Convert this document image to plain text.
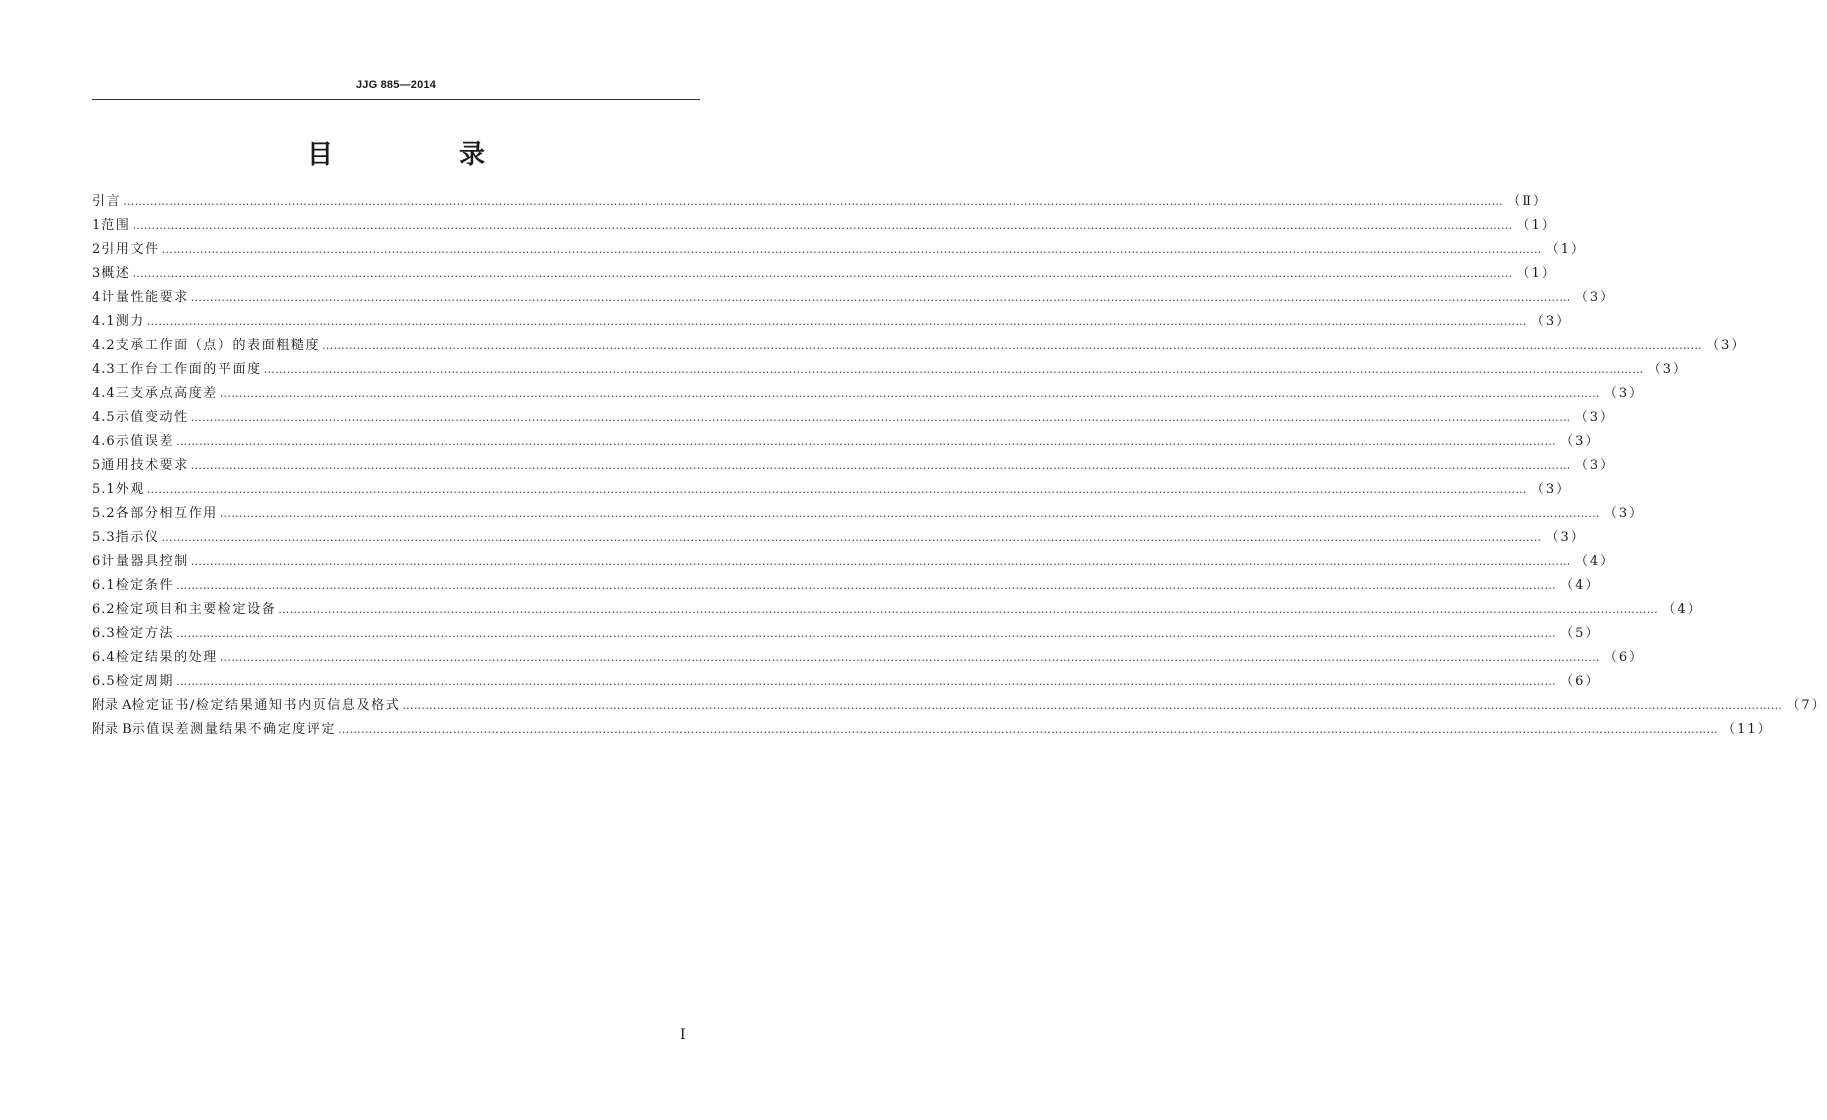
JJG 885—2014
目　录
引言 ……………………………………………………………………………………………………………………………………………………………………………………………………………………………………………………………………………………………………………………………… （Ⅱ）
1 范围 ……………………………………………………………………………………………………………………………………………………………………………………………………………………………………………………………………………………………………………………………… （1）
2 引用文件 ……………………………………………………………………………………………………………………………………………………………………………………………………………………………………………………………………………………………………………………………… （1）
3 概述 ……………………………………………………………………………………………………………………………………………………………………………………………………………………………………………………………………………………………………………………………… （1）
4 计量性能要求 ……………………………………………………………………………………………………………………………………………………………………………………………………………………………………………………………………………………………………………………………… （3）
4.1 测力 ……………………………………………………………………………………………………………………………………………………………………………………………………………………………………………………………………………………………………………………………… （3）
4.2 支承工作面（点）的表面粗糙度 ……………………………………………………………………………………………………………………………………………………………………………………………………………………………………………………………………………………………………………………………… （3）
4.3 工作台工作面的平面度 ……………………………………………………………………………………………………………………………………………………………………………………………………………………………………………………………………………………………………………………………… （3）
4.4 三支承点高度差 ……………………………………………………………………………………………………………………………………………………………………………………………………………………………………………………………………………………………………………………………… （3）
4.5 示值变动性 ……………………………………………………………………………………………………………………………………………………………………………………………………………………………………………………………………………………………………………………………… （3）
4.6 示值误差 ……………………………………………………………………………………………………………………………………………………………………………………………………………………………………………………………………………………………………………………………… （3）
5 通用技术要求 ……………………………………………………………………………………………………………………………………………………………………………………………………………………………………………………………………………………………………………………………… （3）
5.1 外观 ……………………………………………………………………………………………………………………………………………………………………………………………………………………………………………………………………………………………………………………………… （3）
5.2 各部分相互作用 ……………………………………………………………………………………………………………………………………………………………………………………………………………………………………………………………………………………………………………………………… （3）
5.3 指示仪 ……………………………………………………………………………………………………………………………………………………………………………………………………………………………………………………………………………………………………………………………… （3）
6 计量器具控制 ……………………………………………………………………………………………………………………………………………………………………………………………………………………………………………………………………………………………………………………………… （4）
6.1 检定条件 ……………………………………………………………………………………………………………………………………………………………………………………………………………………………………………………………………………………………………………………………… （4）
6.2 检定项目和主要检定设备 ……………………………………………………………………………………………………………………………………………………………………………………………………………………………………………………………………………………………………………………………… （4）
6.3 检定方法 ……………………………………………………………………………………………………………………………………………………………………………………………………………………………………………………………………………………………………………………………… （5）
6.4 检定结果的处理 ……………………………………………………………………………………………………………………………………………………………………………………………………………………………………………………………………………………………………………………………… （6）
6.5 检定周期 ……………………………………………………………………………………………………………………………………………………………………………………………………………………………………………………………………………………………………………………………… （6）
附录 A 检定证书/检定结果通知书内页信息及格式 ……………………………………………………………………………………………………………………………………………………………………………………………………………………………………………………………………………………………………………………………… （7）
附录 B 示值误差测量结果不确定度评定 ……………………………………………………………………………………………………………………………………………………………………………………………………………………………………………………………………………………………………………………………… （11）
I
